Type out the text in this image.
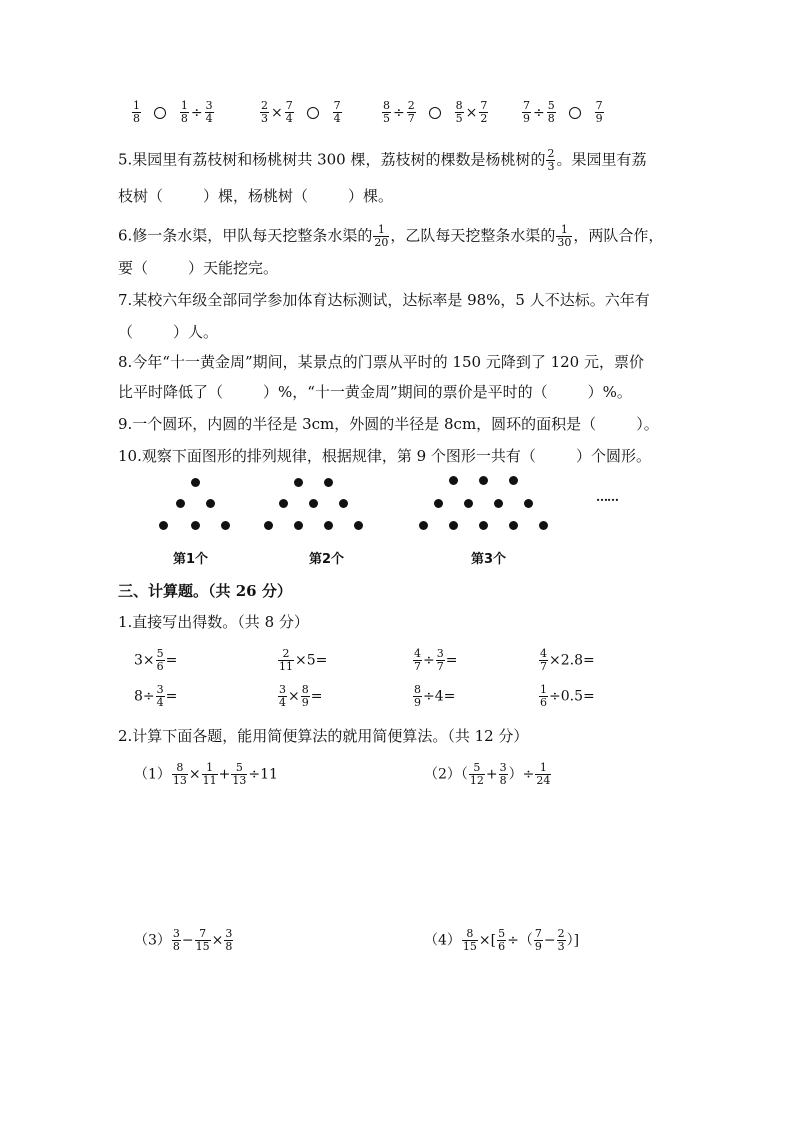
$\frac{1}{8}$
	$\frac{1}{8} \div \frac{3}{4}$	$\frac{2}{3} \times \frac{7}{4}$
	$\frac{7}{4}$	$\frac{8}{5} \div \frac{2}{7}$
	$\frac{8}{5} \times \frac{7}{2}$	$\frac{7}{9} \div \frac{5}{8}$
	$\frac{7}{9}$
5.果园里有荔枝树和杨桃树共 300 棵，荔枝树的棵数是杨桃树的 $\frac{2}{3}$ 。果园里有荔
枝树（	）棵，杨桃树（	）棵。
6.修一条水渠，甲队每天挖整条水渠的 $\frac{1}{20}$ ，乙队每天挖整条水渠的 $\frac{1}{30}$ ，两队合作，
要（	）天能挖完。
7.某校六年级全部同学参加体育达标测试，达标率是 98%，5 人不达标。六年有
（	）人。
8.今年“十一黄金周”期间，某景点的门票从平时的 150 元降到了 120 元，票价
比平时降低了（	）%，“十一黄金周”期间的票价是平时的（	）%。
9.一个圆环，内圆的半径是 3cm，外圆的半径是 8cm，圆环的面积是（	）。
10.观察下面图形的排列规律，根据规律，第 9 个图形一共有（	）个圆形。
……
第1个	第2个	第3个
三、计算题。（共 26 分）
1.直接写出得数。（共 8 分）
$3\times \frac{5}{6}$ =	$\frac{2}{11} \times 5=$	$\frac{4}{7} \div \frac{3}{7}$ =	$\frac{4}{7} \times 2.8=$
$8\div \frac{3}{4}$ =	$\frac{3}{4} \times \frac{8}{9}$ =	$\frac{8}{9} \div 4=$	$\frac{1}{6} \div 0.5=$
2.计算下面各题，能用简便算法的就用简便算法。（共 12 分）
$(1) \frac{8}{13} \times \frac{1}{11} + \frac{5}{13} \div 11$	$(2)( \frac{5}{12} + \frac{3}{8}$ ）÷ $\frac{1}{24}$
$(3) \frac{3}{8} - \frac{7}{15} \times \frac{3}{8}$	$(4) \frac{8}{15}$ ×[ $\frac{5}{6}$ ÷（ $\frac{7}{9} - \frac{2}{3}$ ）]
